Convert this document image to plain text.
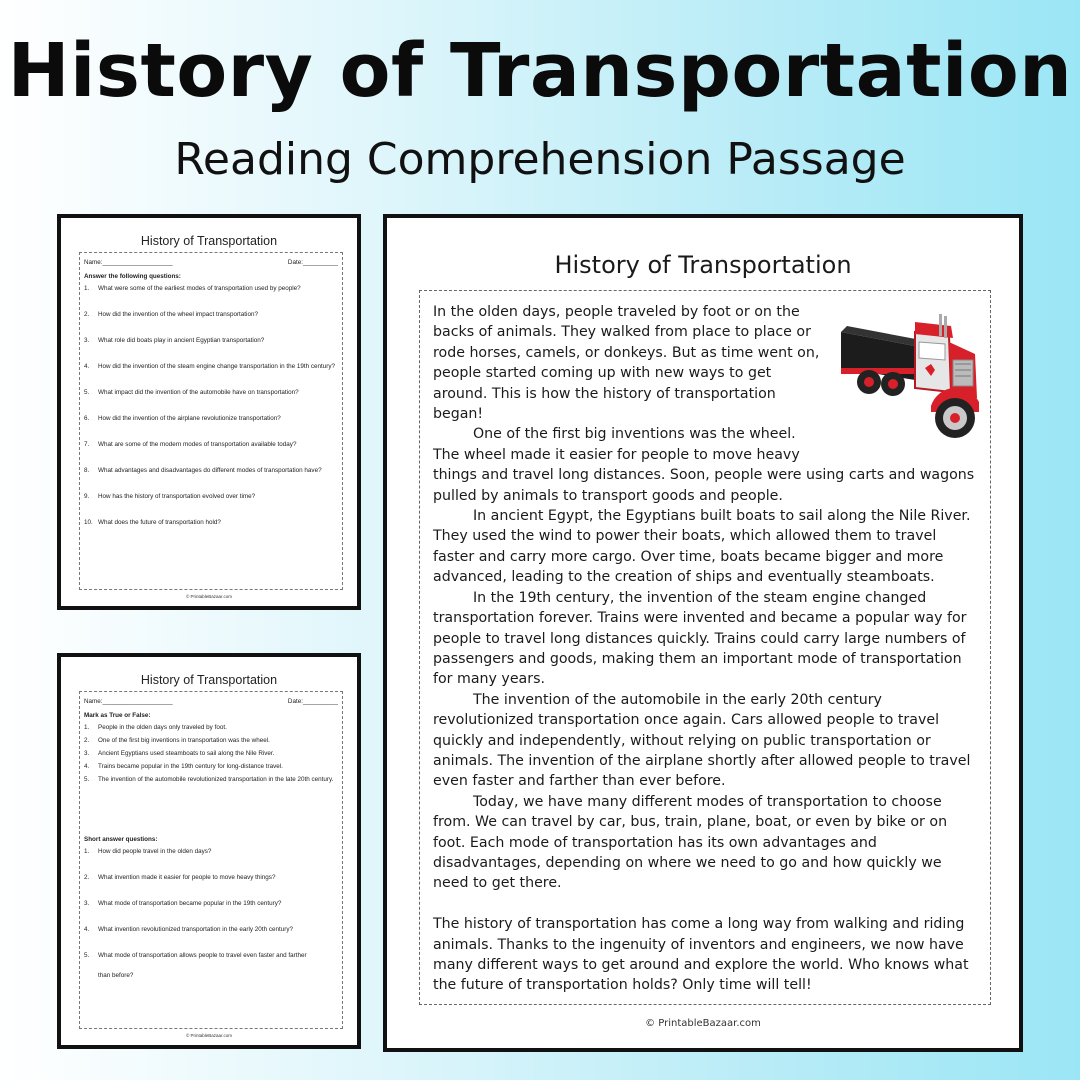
History of Transportation
Reading Comprehension Passage
History of Transportation
Name:____________________	Date:__________
Answer the following questions:
1.	What were some of the earliest modes of transportation used by people?
2.	How did the invention of the wheel impact transportation?
3.	What role did boats play in ancient Egyptian transportation?
4.	How did the invention of the steam engine change transportation in the 19th century?
5.	What impact did the invention of the automobile have on transportation?
6.	How did the invention of the airplane revolutionize transportation?
7.	What are some of the modern modes of transportation available today?
8.	What advantages and disadvantages do different modes of transportation have?
9.	How has the history of transportation evolved over time?
10. What does the future of transportation hold?
© PrintableBazaar.com
History of Transportation
Name:____________________	Date:__________
Mark as True or False:
1.	People in the olden days only traveled by foot.
2.	One of the first big inventions in transportation was the wheel.
3.	Ancient Egyptians used steamboats to sail along the Nile River.
4.	Trains became popular in the 19th century for long-distance travel.
5.	The invention of the automobile revolutionized transportation in the late 20th century.
Short answer questions:
1.	How did people travel in the olden days?
2.	What invention made it easier for people to move heavy things?
3.	What mode of transportation became popular in the 19th century?
4.	What invention revolutionized transportation in the early 20th century?
5.	What mode of transportation allows people to travel even faster and farther
than before?
© PrintableBazaar.com
History of Transportation

In the olden days, people traveled by foot or on the backs of animals. They walked from place to place or rode horses, camels, or donkeys. But as time went on, people started coming up with new ways to get around. This is how the history of transportation began!

One of the first big inventions was the wheel. The wheel made it easier for people to move heavy things and travel long distances. Soon, people were using carts and wagons pulled by animals to transport goods and people.

In ancient Egypt, the Egyptians built boats to sail along the Nile River. They used the wind to power their boats, which allowed them to travel faster and carry more cargo. Over time, boats became bigger and more advanced, leading to the creation of ships and eventually steamboats.

In the 19th century, the invention of the steam engine changed transportation forever. Trains were invented and became a popular way for people to travel long distances quickly. Trains could carry large numbers of passengers and goods, making them an important mode of transportation for many years.

The invention of the automobile in the early 20th century revolutionized transportation once again. Cars allowed people to travel quickly and independently, without relying on public transportation or animals. The invention of the airplane shortly after allowed people to travel even faster and farther than ever before.

Today, we have many different modes of transportation to choose from. We can travel by car, bus, train, plane, boat, or even by bike or on foot. Each mode of transportation has its own advantages and disadvantages, depending on where we need to go and how quickly we need to get there.

The history of transportation has come a long way from walking and riding animals. Thanks to the ingenuity of inventors and engineers, we now have many different ways to get around and explore the world. Who knows what the future of transportation holds? Only time will tell!

© PrintableBazaar.com
